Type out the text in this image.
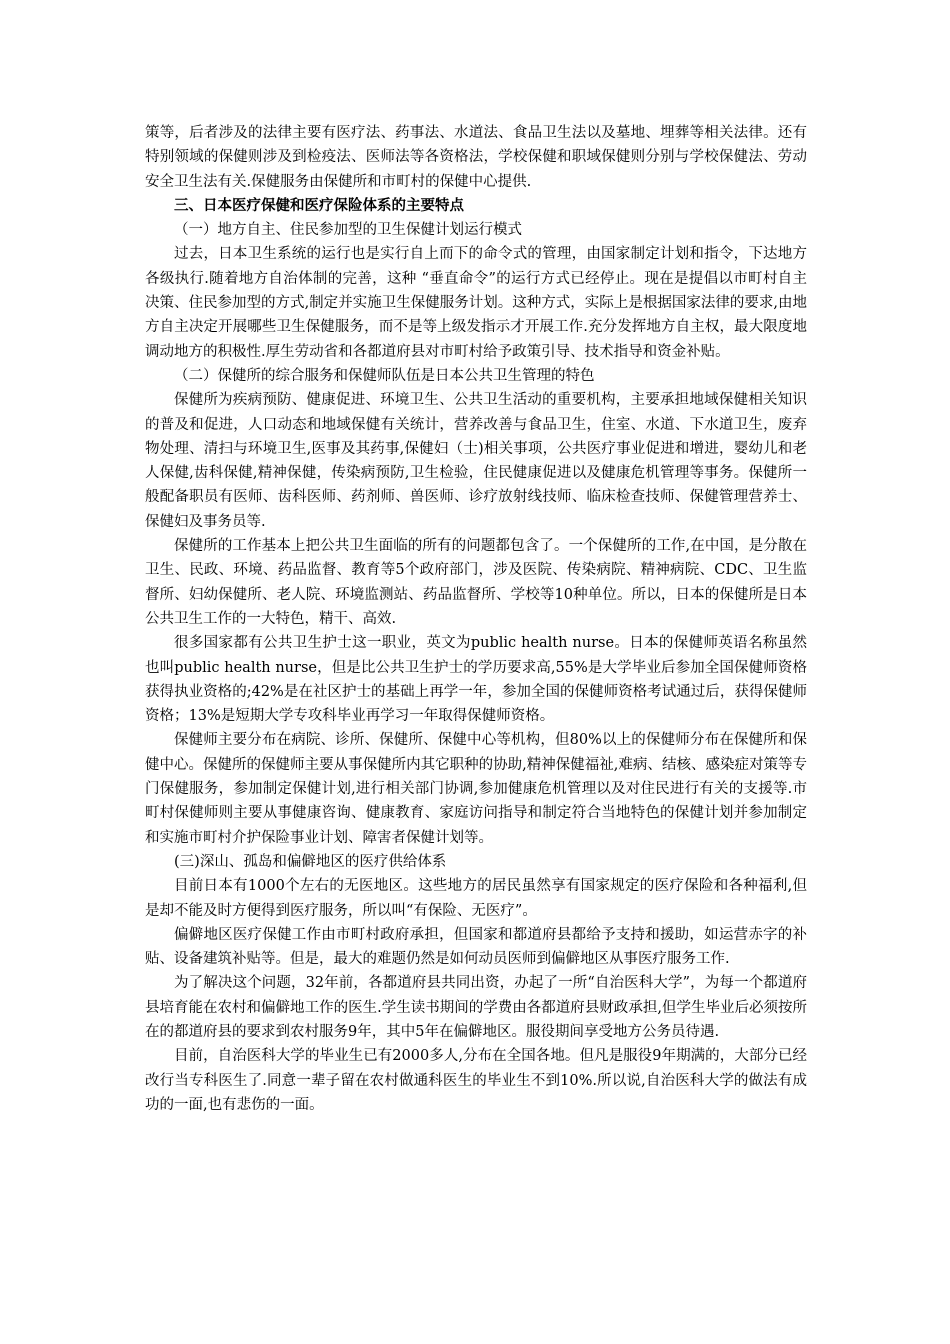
策等，后者涉及的法律主要有医疗法、药事法、水道法、食品卫生法以及墓地、埋葬等相关法律。还有特别领域的保健则涉及到检疫法、医师法等各资格法，学校保健和职域保健则分别与学校保健法、劳动安全卫生法有关.保健服务由保健所和市町村的保健中心提供.

三、日本医疗保健和医疗保险体系的主要特点

（一）地方自主、住民参加型的卫生保健计划运行模式

过去，日本卫生系统的运行也是实行自上而下的命令式的管理，由国家制定计划和指令，下达地方各级执行.随着地方自治体制的完善，这种 “垂直命令”的运行方式已经停止。现在是提倡以市町村自主决策、住民参加型的方式,制定并实施卫生保健服务计划。这种方式，实际上是根据国家法律的要求,由地方自主决定开展哪些卫生保健服务，而不是等上级发指示才开展工作.充分发挥地方自主权，最大限度地调动地方的积极性.厚生劳动省和各都道府县对市町村给予政策引导、技术指导和资金补贴。

（二）保健所的综合服务和保健师队伍是日本公共卫生管理的特色

保健所为疾病预防、健康促进、环境卫生、公共卫生活动的重要机构，主要承担地域保健相关知识的普及和促进，人口动态和地域保健有关统计，营养改善与食品卫生，住室、水道、下水道卫生，废弃物处理、清扫与环境卫生,医事及其药事,保健妇（士)相关事项，公共医疗事业促进和增进，婴幼儿和老人保健,齿科保健,精神保健，传染病预防,卫生检验，住民健康促进以及健康危机管理等事务。保健所一般配备职员有医师、齿科医师、药剂师、兽医师、诊疗放射线技师、临床检查技师、保健管理营养士、保健妇及事务员等.

保健所的工作基本上把公共卫生面临的所有的问题都包含了。一个保健所的工作,在中国，是分散在卫生、民政、环境、药品监督、教育等5个政府部门，涉及医院、传染病院、精神病院、CDC、卫生监督所、妇幼保健所、老人院、环境监测站、药品监督所、学校等10种单位。所以，日本的保健所是日本公共卫生工作的一大特色，精干、高效.

很多国家都有公共卫生护士这一职业，英文为public health nurse。日本的保健师英语名称虽然也叫public health nurse，但是比公共卫生护士的学历要求高,55%是大学毕业后参加全国保健师资格获得执业资格的;42%是在社区护士的基础上再学一年，参加全国的保健师资格考试通过后，获得保健师资格；13%是短期大学专攻科毕业再学习一年取得保健师资格。

保健师主要分布在病院、诊所、保健所、保健中心等机构，但80%以上的保健师分布在保健所和保健中心。保健所的保健师主要从事保健所内其它职种的协助,精神保健福祉,难病、结核、感染症对策等专门保健服务，参加制定保健计划,进行相关部门协调,参加健康危机管理以及对住民进行有关的支援等.市町村保健师则主要从事健康咨询、健康教育、家庭访问指导和制定符合当地特色的保健计划并参加制定和实施市町村介护保险事业计划、障害者保健计划等。

(三)深山、孤岛和偏僻地区的医疗供给体系

目前日本有1000个左右的无医地区。这些地方的居民虽然享有国家规定的医疗保险和各种福利,但是却不能及时方便得到医疗服务，所以叫“有保险、无医疗”。

偏僻地区医疗保健工作由市町村政府承担，但国家和都道府县都给予支持和援助，如运营赤字的补贴、设备建筑补贴等。但是，最大的难题仍然是如何动员医师到偏僻地区从事医疗服务工作.

为了解决这个问题，32年前，各都道府县共同出资，办起了一所“自治医科大学”，为每一个都道府县培育能在农村和偏僻地工作的医生.学生读书期间的学费由各都道府县财政承担,但学生毕业后必须按所在的都道府县的要求到农村服务9年，其中5年在偏僻地区。服役期间享受地方公务员待遇.

目前，自治医科大学的毕业生已有2000多人,分布在全国各地。但凡是服役9年期满的，大部分已经改行当专科医生了.同意一辈子留在农村做通科医生的毕业生不到10%.所以说,自治医科大学的做法有成功的一面,也有悲伤的一面。
